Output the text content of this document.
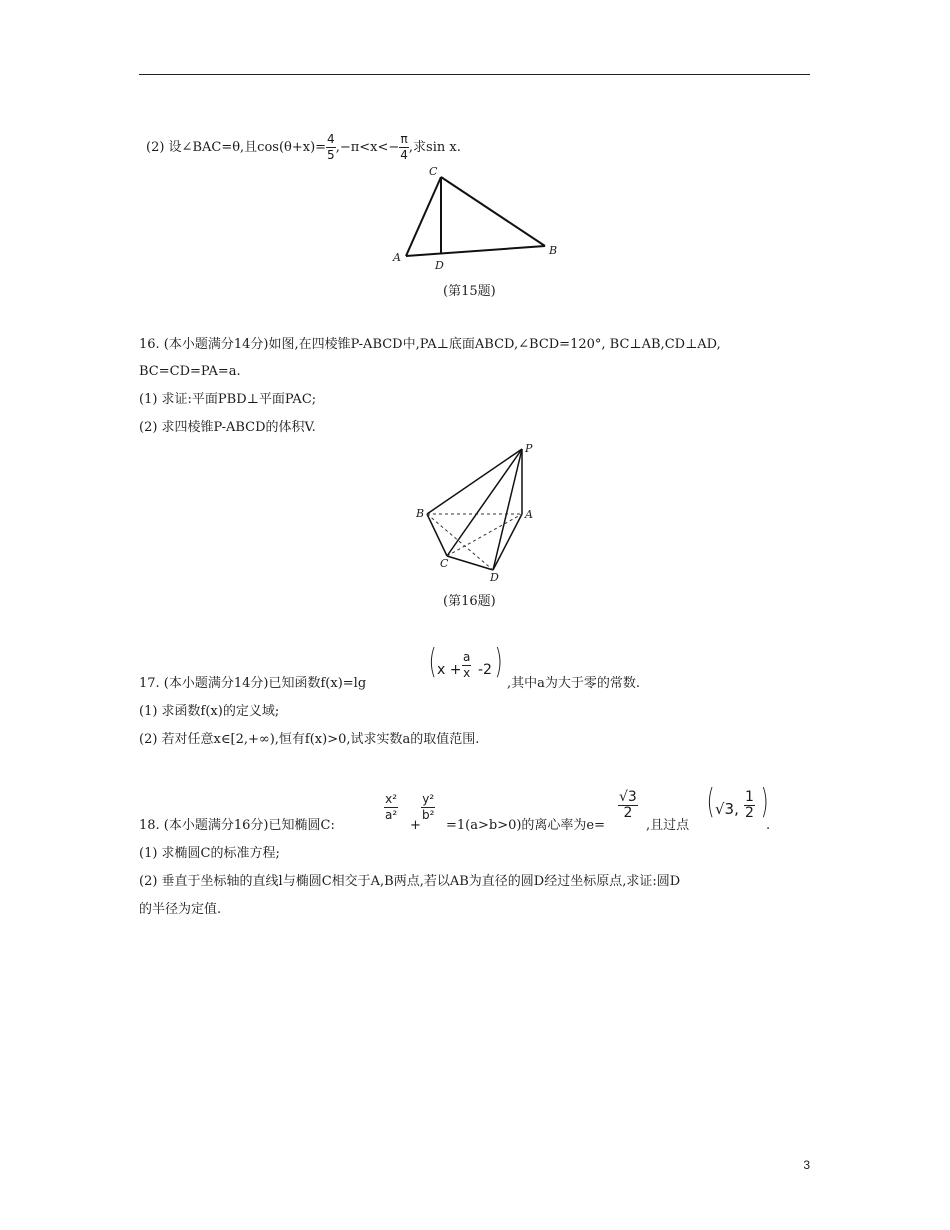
(2) 设∠BAC=θ,且$\cos(\theta+x)= \frac{4}{5} ,-\pi<x<- \frac{\pi}{4}$ ,求sin x.
A
B
C
D
(第15题)
16. (本小题满分14分)如图,在四棱锥P-ABCD中,PA⊥底面ABCD,∠BCD=120°, BC⊥AB,CD⊥AD,
BC=CD=PA=a.
(1) 求证:平面PBD⊥平面PAC;
(2) 求四棱锥P-ABCD的体积V.
P
A
B
C
D
(第16题)
17. (本小题满分14分)已知函数f(x)=lg
( $x + \frac{a}{x} -2$ )
,其中a为大于零的常数.
(1) 求函数f(x)的定义域;
(2) 若对任意x∈[2,+∞),恒有f(x)>0,试求实数a的取值范围.
18. (本小题满分16分)已知椭圆C:
$\frac{\text{x²}}{\text{a²}}$
+
$\frac{\text{y²}}{\text{b²}}$
=1(a>b>0)的离心率为e=
$\frac{√3}{2}$
,且过点
( √3, $\frac{1}{2}$ )
.
(1) 求椭圆C的标准方程;
(2) 垂直于坐标轴的直线l与椭圆C相交于A,B两点,若以AB为直径的圆D经过坐标原点,求证:圆D
的半径为定值.
3
